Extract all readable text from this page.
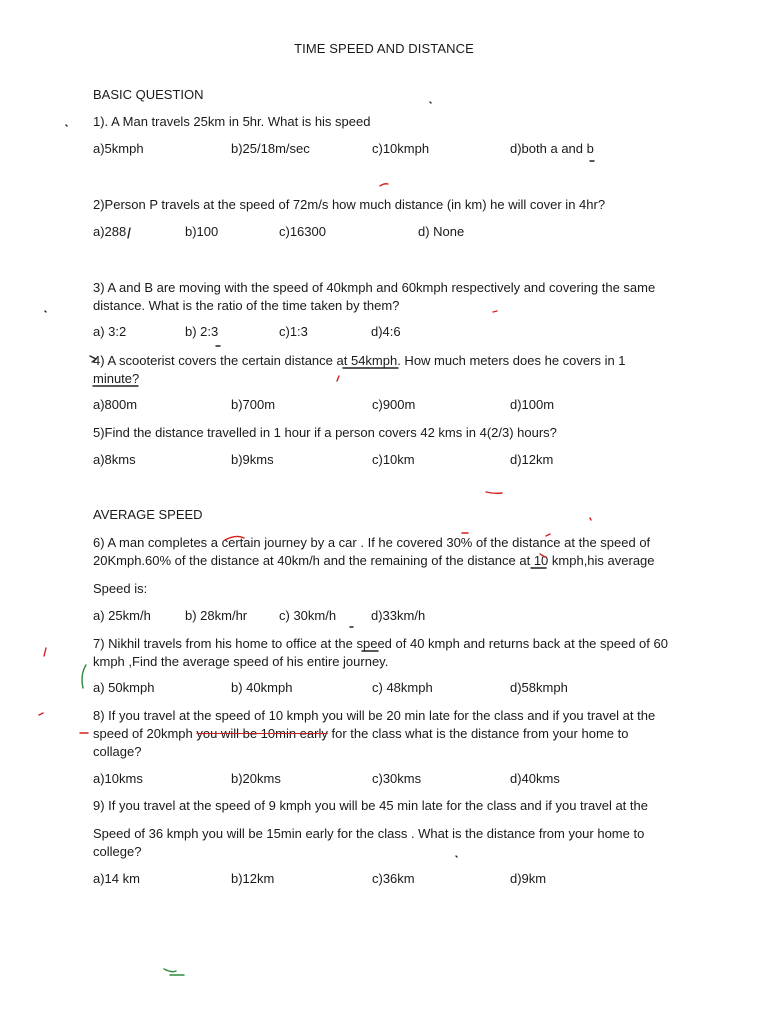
TIME SPEED AND DISTANCE
BASIC QUESTION
1). A Man travels 25km in 5hr. What is his speed
a)5kmph	b)25/18m/sec	c)10kmph	d)both a and b
2)Person P travels at the speed of 72m/s how much distance (in km) he will cover in 4hr?
a)288	b)100	c)16300	d) None
3) A and B are moving with the speed of 40kmph and 60kmph respectively and covering the same distance. What is the ratio of the time taken by them?
a) 3:2	b) 2:3	c)1:3	d)4:6
4) A scooterist covers the certain distance at 54kmph. How much meters does he covers in 1 minute?
a)800m	b)700m	c)900m	d)100m
5)Find the distance travelled in 1 hour if a person covers 42 kms in 4(2/3) hours?
a)8kms	b)9kms	c)10km	d)12km
AVERAGE SPEED
6) A man completes a certain journey by a car . If he covered 30% of the distance at the speed of 20Kmph.60% of the distance at 40km/h and the remaining of the distance at 10 kmph,his average
Speed is:
a) 25km/h	b) 28km/hr c) 30km/h	d)33km/h
7) Nikhil travels from his home to office at the speed of 40 kmph and returns back at the speed of 60 kmph ,Find the average speed of his entire journey.
a) 50kmph	b) 40kmph	c) 48kmph	d)58kmph
8) If you travel at the speed of 10 kmph you will be 20 min late for the class and if you travel at the speed of 20kmph you will be 10min early for the class what is the distance from your home to collage?
a)10kms	b)20kms	c)30kms	d)40kms
9) If you travel at the speed of 9 kmph you will be 45 min late for the class and if you travel at the
Speed of 36 kmph you will be 15min early for the class . What is the distance from your home to college?
a)14 km	b)12km	c)36km	d)9km
